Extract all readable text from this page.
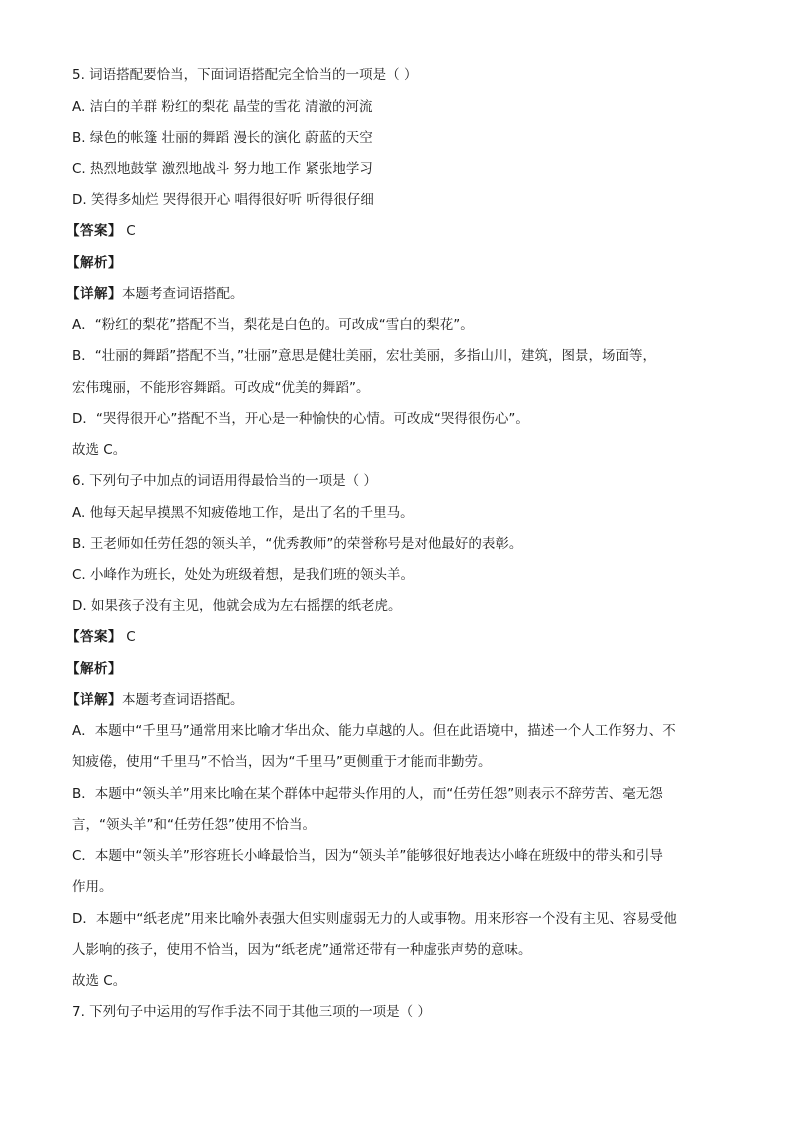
5. 词语搭配要恰当，下面词语搭配完全恰当的一项是（ ）
A. 洁白的羊群 粉红的梨花 晶莹的雪花 清澈的河流
B. 绿色的帐篷 壮丽的舞蹈 漫长的演化 蔚蓝的天空
C. 热烈地鼓掌 激烈地战斗 努力地工作 紧张地学习
D. 笑得多灿烂 哭得很开心 唱得很好听 听得很仔细
【答案】 C
【解析】
【详解】本题考查词语搭配。
A．“粉红的梨花”搭配不当，梨花是白色的。可改成“雪白的梨花”。
B．“壮丽的舞蹈”搭配不当，”壮丽”意思是健壮美丽，宏壮美丽，多指山川，建筑，图景，场面等，
宏伟瑰丽，不能形容舞蹈。可改成“优美的舞蹈”。
D．“哭得很开心”搭配不当，开心是一种愉快的心情。可改成“哭得很伤心”。
故选 C。
6. 下列句子中加点的词语用得最恰当的一项是（ ）
A. 他每天起早摸黑不知疲倦地工作，是出了名的千里马。
B. 王老师如任劳任怨的领头羊，“优秀教师”的荣誉称号是对他最好的表彰。
C. 小峰作为班长，处处为班级着想，是我们班的领头羊。
D. 如果孩子没有主见，他就会成为左右摇摆的纸老虎。
【答案】 C
【解析】
【详解】本题考查词语搭配。
A．本题中“千里马”通常用来比喻才华出众、能力卓越的人。但在此语境中，描述一个人工作努力、不
知疲倦，使用“千里马”不恰当，因为“千里马”更侧重于才能而非勤劳。
B．本题中“领头羊”用来比喻在某个群体中起带头作用的人，而“任劳任怨”则表示不辞劳苦、毫无怨
言，“领头羊”和“任劳任怨”使用不恰当。
C．本题中“领头羊”形容班长小峰最恰当，因为“领头羊”能够很好地表达小峰在班级中的带头和引导
作用。
D．本题中“纸老虎”用来比喻外表强大但实则虚弱无力的人或事物。用来形容一个没有主见、容易受他
人影响的孩子，使用不恰当，因为“纸老虎”通常还带有一种虚张声势的意味。
故选 C。
7. 下列句子中运用的写作手法不同于其他三项的一项是（ ）
